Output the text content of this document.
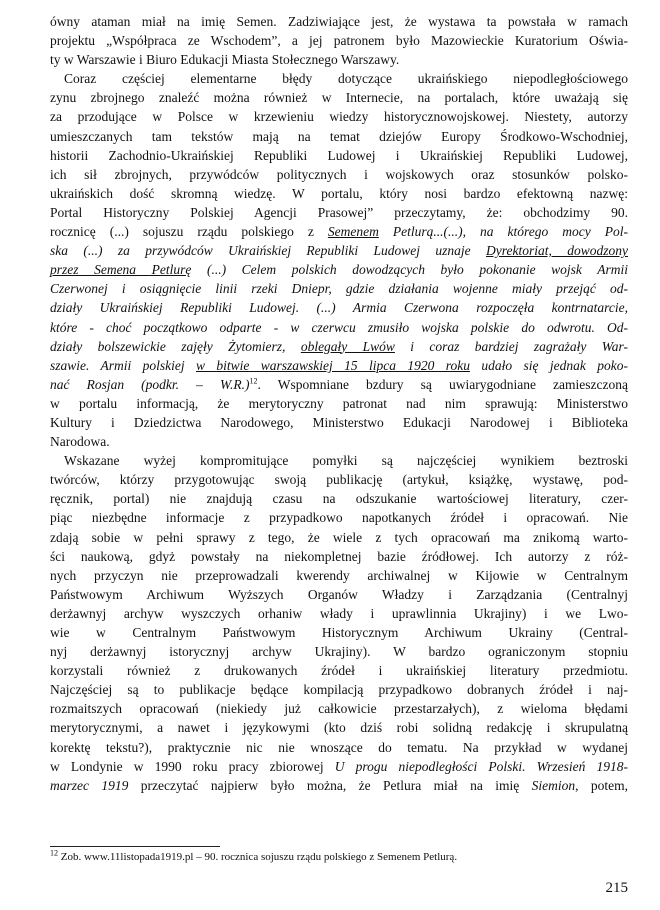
ówny ataman miał na imię Semen. Zadziwiające jest, że wystawa ta powstała w ramach
projektu „Współpraca ze Wschodem”, a jej patronem było Mazowieckie Kuratorium Oświa-
ty w Warszawie i Biuro Edukacji Miasta Stołecznego Warszawy.
Coraz częściej elementarne błędy dotyczące ukraińskiego niepodległościowego
zynu zbrojnego znaleźć można również w Internecie, na portalach, które uważają się
za przodujące w Polsce w krzewieniu wiedzy historycznowojskowej. Niestety, autorzy
umieszczanych tam tekstów mają na temat dziejów Europy Środkowo-Wschodniej,
historii Zachodnio-Ukraińskiej Republiki Ludowej i Ukraińskiej Republiki Ludowej,
ich sił zbrojnych, przywódców politycznych i wojskowych oraz stosunków polsko-
ukraińskich dość skromną wiedzę. W portalu, który nosi bardzo efektowną nazwę:
Portal Historyczny Polskiej Agencji Prasowej” przeczytamy, że: obchodzimy 90.
rocznicę (...) sojuszu rządu polskiego z Semenem Petlurą...(...), na którego mocy Pol-
ska (...) za przywódców Ukraińskiej Republiki Ludowej uznaje Dyrektoriat, dowodzony
przez Semena Petlurę (...) Celem polskich dowodzących było pokonanie wojsk Armii
Czerwonej i osiągnięcie linii rzeki Dniepr, gdzie działania wojenne miały przejąć od-
działy Ukraińskiej Republiki Ludowej. (...) Armia Czerwona rozpoczęła kontrnatarcie,
które - choć początkowo odparte - w czerwcu zmusiło wojska polskie do odwrotu. Od-
działy bolszewickie zajęły Żytomierz, oblegały Lwów i coraz bardziej zagrażały War-
szawie. Armii polskiej w bitwie warszawskiej 15 lipca 1920 roku udało się jednak poko-
nać Rosjan (podkr. – W.R.)$^{12}$. Wspomniane bzdury są uwiarygodniane zamieszczoną
w portalu informacją, że merytoryczny patronat nad nim sprawują: Ministerstwo
Kultury i Dziedzictwa Narodowego, Ministerstwo Edukacji Narodowej i Biblioteka
Narodowa.
Wskazane wyżej kompromitujące pomyłki są najczęściej wynikiem beztroski
twórców, którzy przygotowując swoją publikację (artykuł, książkę, wystawę, pod-
ręcznik, portal) nie znajdują czasu na odszukanie wartościowej literatury, czer-
piąc niezbędne informacje z przypadkowo napotkanych źródeł i opracowań. Nie
zdają sobie w pełni sprawy z tego, że wiele z tych opracowań ma znikomą warto-
ści naukową, gdyż powstały na niekompletnej bazie źródłowej. Ich autorzy z róż-
nych przyczyn nie przeprowadzali kwerendy archiwalnej w Kijowie w Centralnym
Państwowym Archiwum Wyższych Organów Władzy i Zarządzania (Centralnyj
derżawnyj archyw wyszczych orhaniw włady i uprawlinnia Ukrajiny) i we Lwo-
wie w Centralnym Państwowym Historycznym Archiwum Ukrainy (Central-
nyj derżawnyj istorycznyj archyw Ukrajiny). W bardzo ograniczonym stopniu
korzystali również z drukowanych źródeł i ukraińskiej literatury przedmiotu.
Najczęściej są to publikacje będące kompilacją przypadkowo dobranych źródeł i naj-
rozmaitszych opracowań (niekiedy już całkowicie przestarzałych), z wieloma błędami
merytorycznymi, a nawet i językowymi (kto dziś robi solidną redakcję i skrupulatną
korektę tekstu?), praktycznie nic nie wnoszące do tematu. Na przykład w wydanej
w Londynie w 1990 roku pracy zbiorowej U progu niepodległości Polski. Wrzesień 1918-
marzec 1919 przeczytać najpierw było można, że Petlura miał na imię Siemion, potem,
$^{12}$ Zob. www.11listopada1919.pl – 90. rocznica sojuszu rządu polskiego z Semenem Petlurą.
215
